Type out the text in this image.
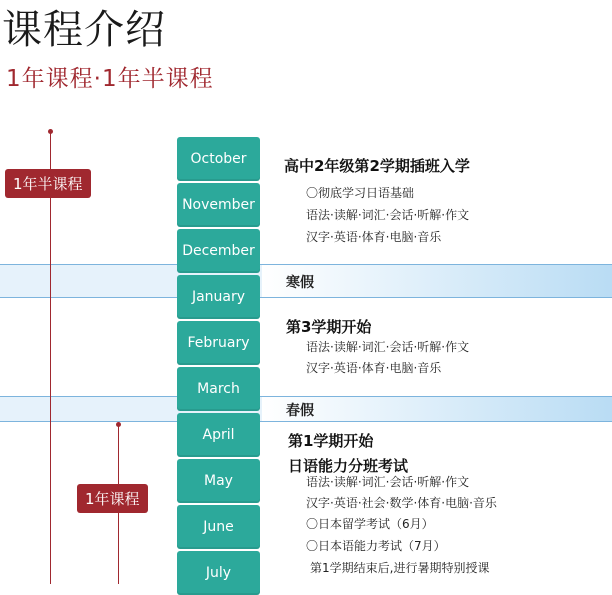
课程介绍
1年课程·1年半课程
寒假
春假
1年半课程
1年课程
October
November
December
January
February
March
April
May
June
July
高中2年级第2学期插班入学
〇彻底学习日语基础
语法·读解·词汇·会话·听解·作文
汉字·英语·体育·电脑·音乐
第3学期开始
语法·读解·词汇·会话·听解·作文
汉字·英语·体育·电脑·音乐
第1学期开始
日语能力分班考试
语法·读解·词汇·会话·听解·作文
汉字·英语·社会·数学·体育·电脑·音乐
〇日本留学考试（6月）
〇日本语能力考试（7月）
第1学期结束后,进行暑期特别授课
